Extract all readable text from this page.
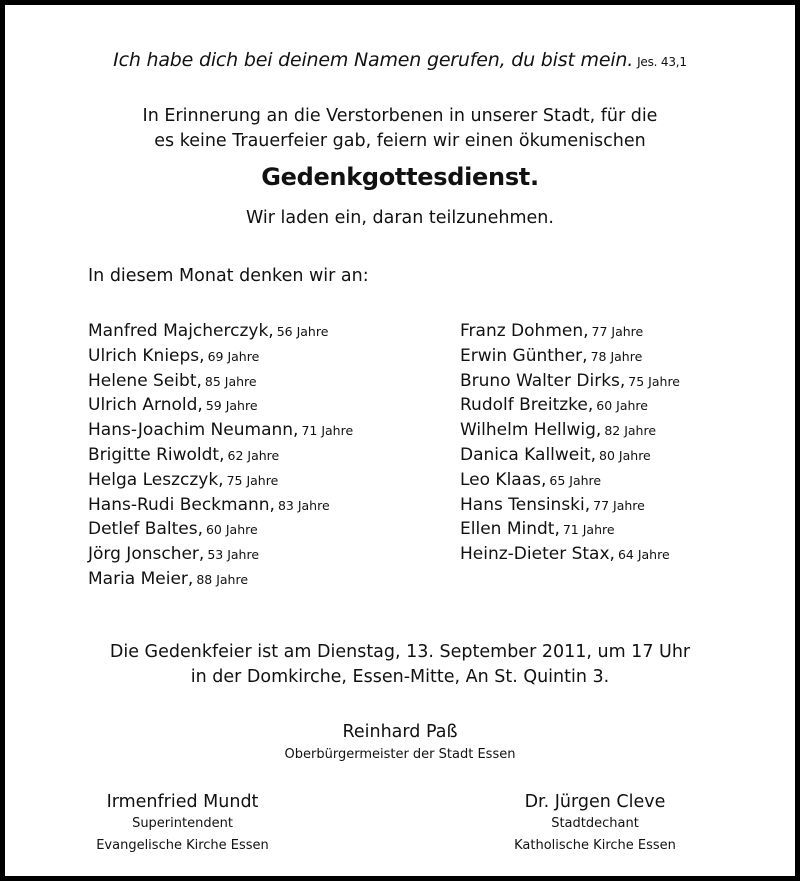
Ich habe dich bei deinem Namen gerufen, du bist mein. Jes. 43,1
In Erinnerung an die Verstorbenen in unserer Stadt, für die
es keine Trauerfeier gab, feiern wir einen ökumenischen
Gedenkgottesdienst.
Wir laden ein, daran teilzunehmen.
In diesem Monat denken wir an:
Manfred Majcherczyk, 56 Jahre
Ulrich Knieps, 69 Jahre
Helene Seibt, 85 Jahre
Ulrich Arnold, 59 Jahre
Hans-Joachim Neumann, 71 Jahre
Brigitte Riwoldt, 62 Jahre
Helga Leszczyk, 75 Jahre
Hans-Rudi Beckmann, 83 Jahre
Detlef Baltes, 60 Jahre
Jörg Jonscher, 53 Jahre
Maria Meier, 88 Jahre
Franz Dohmen, 77 Jahre
Erwin Günther, 78 Jahre
Bruno Walter Dirks, 75 Jahre
Rudolf Breitzke, 60 Jahre
Wilhelm Hellwig, 82 Jahre
Danica Kallweit, 80 Jahre
Leo Klaas, 65 Jahre
Hans Tensinski, 77 Jahre
Ellen Mindt, 71 Jahre
Heinz-Dieter Stax, 64 Jahre
Die Gedenkfeier ist am Dienstag, 13. September 2011, um 17 Uhr
in der Domkirche, Essen-Mitte, An St. Quintin 3.
Reinhard Paß
Oberbürgermeister der Stadt Essen
Irmenfried Mundt
Superintendent
Evangelische Kirche Essen
Dr. Jürgen Cleve
Stadtdechant
Katholische Kirche Essen
